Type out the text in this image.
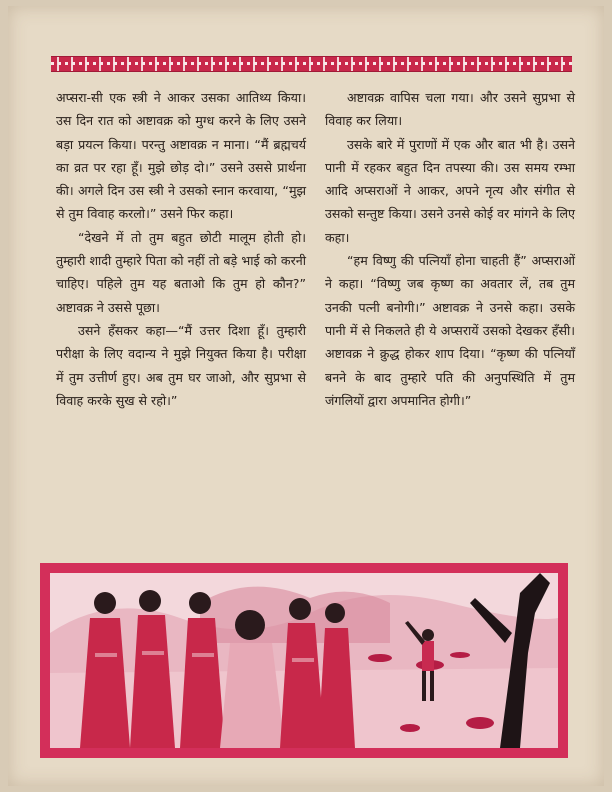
अप्सरा-सी एक स्त्री ने आकर उसका आतिथ्य किया। उस दिन रात को अष्टावक्र को मुग्ध करने के लिए उसने बड़ा प्रयत्न किया। परन्तु अष्टावक्र न माना। “मैं ब्रह्मचर्य का व्रत पर रहा हूँ। मुझे छोड़ दो।” उसने उससे प्रार्थना की। अगले दिन उस स्त्री ने उसको स्नान करवाया, “मुझ से तुम विवाह करलो।” उसने फिर कहा।

“देखने में तो तुम बहुत छोटी मालूम होती हो। तुम्हारी शादी तुम्हारे पिता को नहीं तो बड़े भाई को करनी चाहिए। पहिले तुम यह बताओ कि तुम हो कौन?” अष्टावक्र ने उससे पूछा।

उसने हँसकर कहा—“मैं उत्तर दिशा हूँ। तुम्हारी परीक्षा के लिए वदान्य ने मुझे नियुक्त किया है। परीक्षा में तुम उत्तीर्ण हुए। अब तुम घर जाओ, और सुप्रभा से विवाह करके सुख से रहो।”

अष्टावक्र वापिस चला गया। और उसने सुप्रभा से विवाह कर लिया।

उसके बारे में पुराणों में एक और बात भी है। उसने पानी में रहकर बहुत दिन तपस्या की। उस समय रम्भा आदि अप्सराओं ने आकर, अपने नृत्य और संगीत से उसको सन्तुष्ट किया। उसने उनसे कोई वर मांगने के लिए कहा।

“हम विष्णु की पत्नियाँ होना चाहती हैं” अप्सराओं ने कहा। “विष्णु जब कृष्ण का अवतार लें, तब तुम उनकी पत्नी बनोगी।” अष्टावक्र ने उनसे कहा। उसके पानी में से निकलते ही ये अप्सरायें उसको देखकर हँसी। अष्टावक्र ने क्रुद्ध होकर शाप दिया। “कृष्ण की पत्नियाँ बनने के बाद तुम्हारे पति की अनुपस्थिति में तुम जंगलियों द्वारा अपमानित होगी।”
